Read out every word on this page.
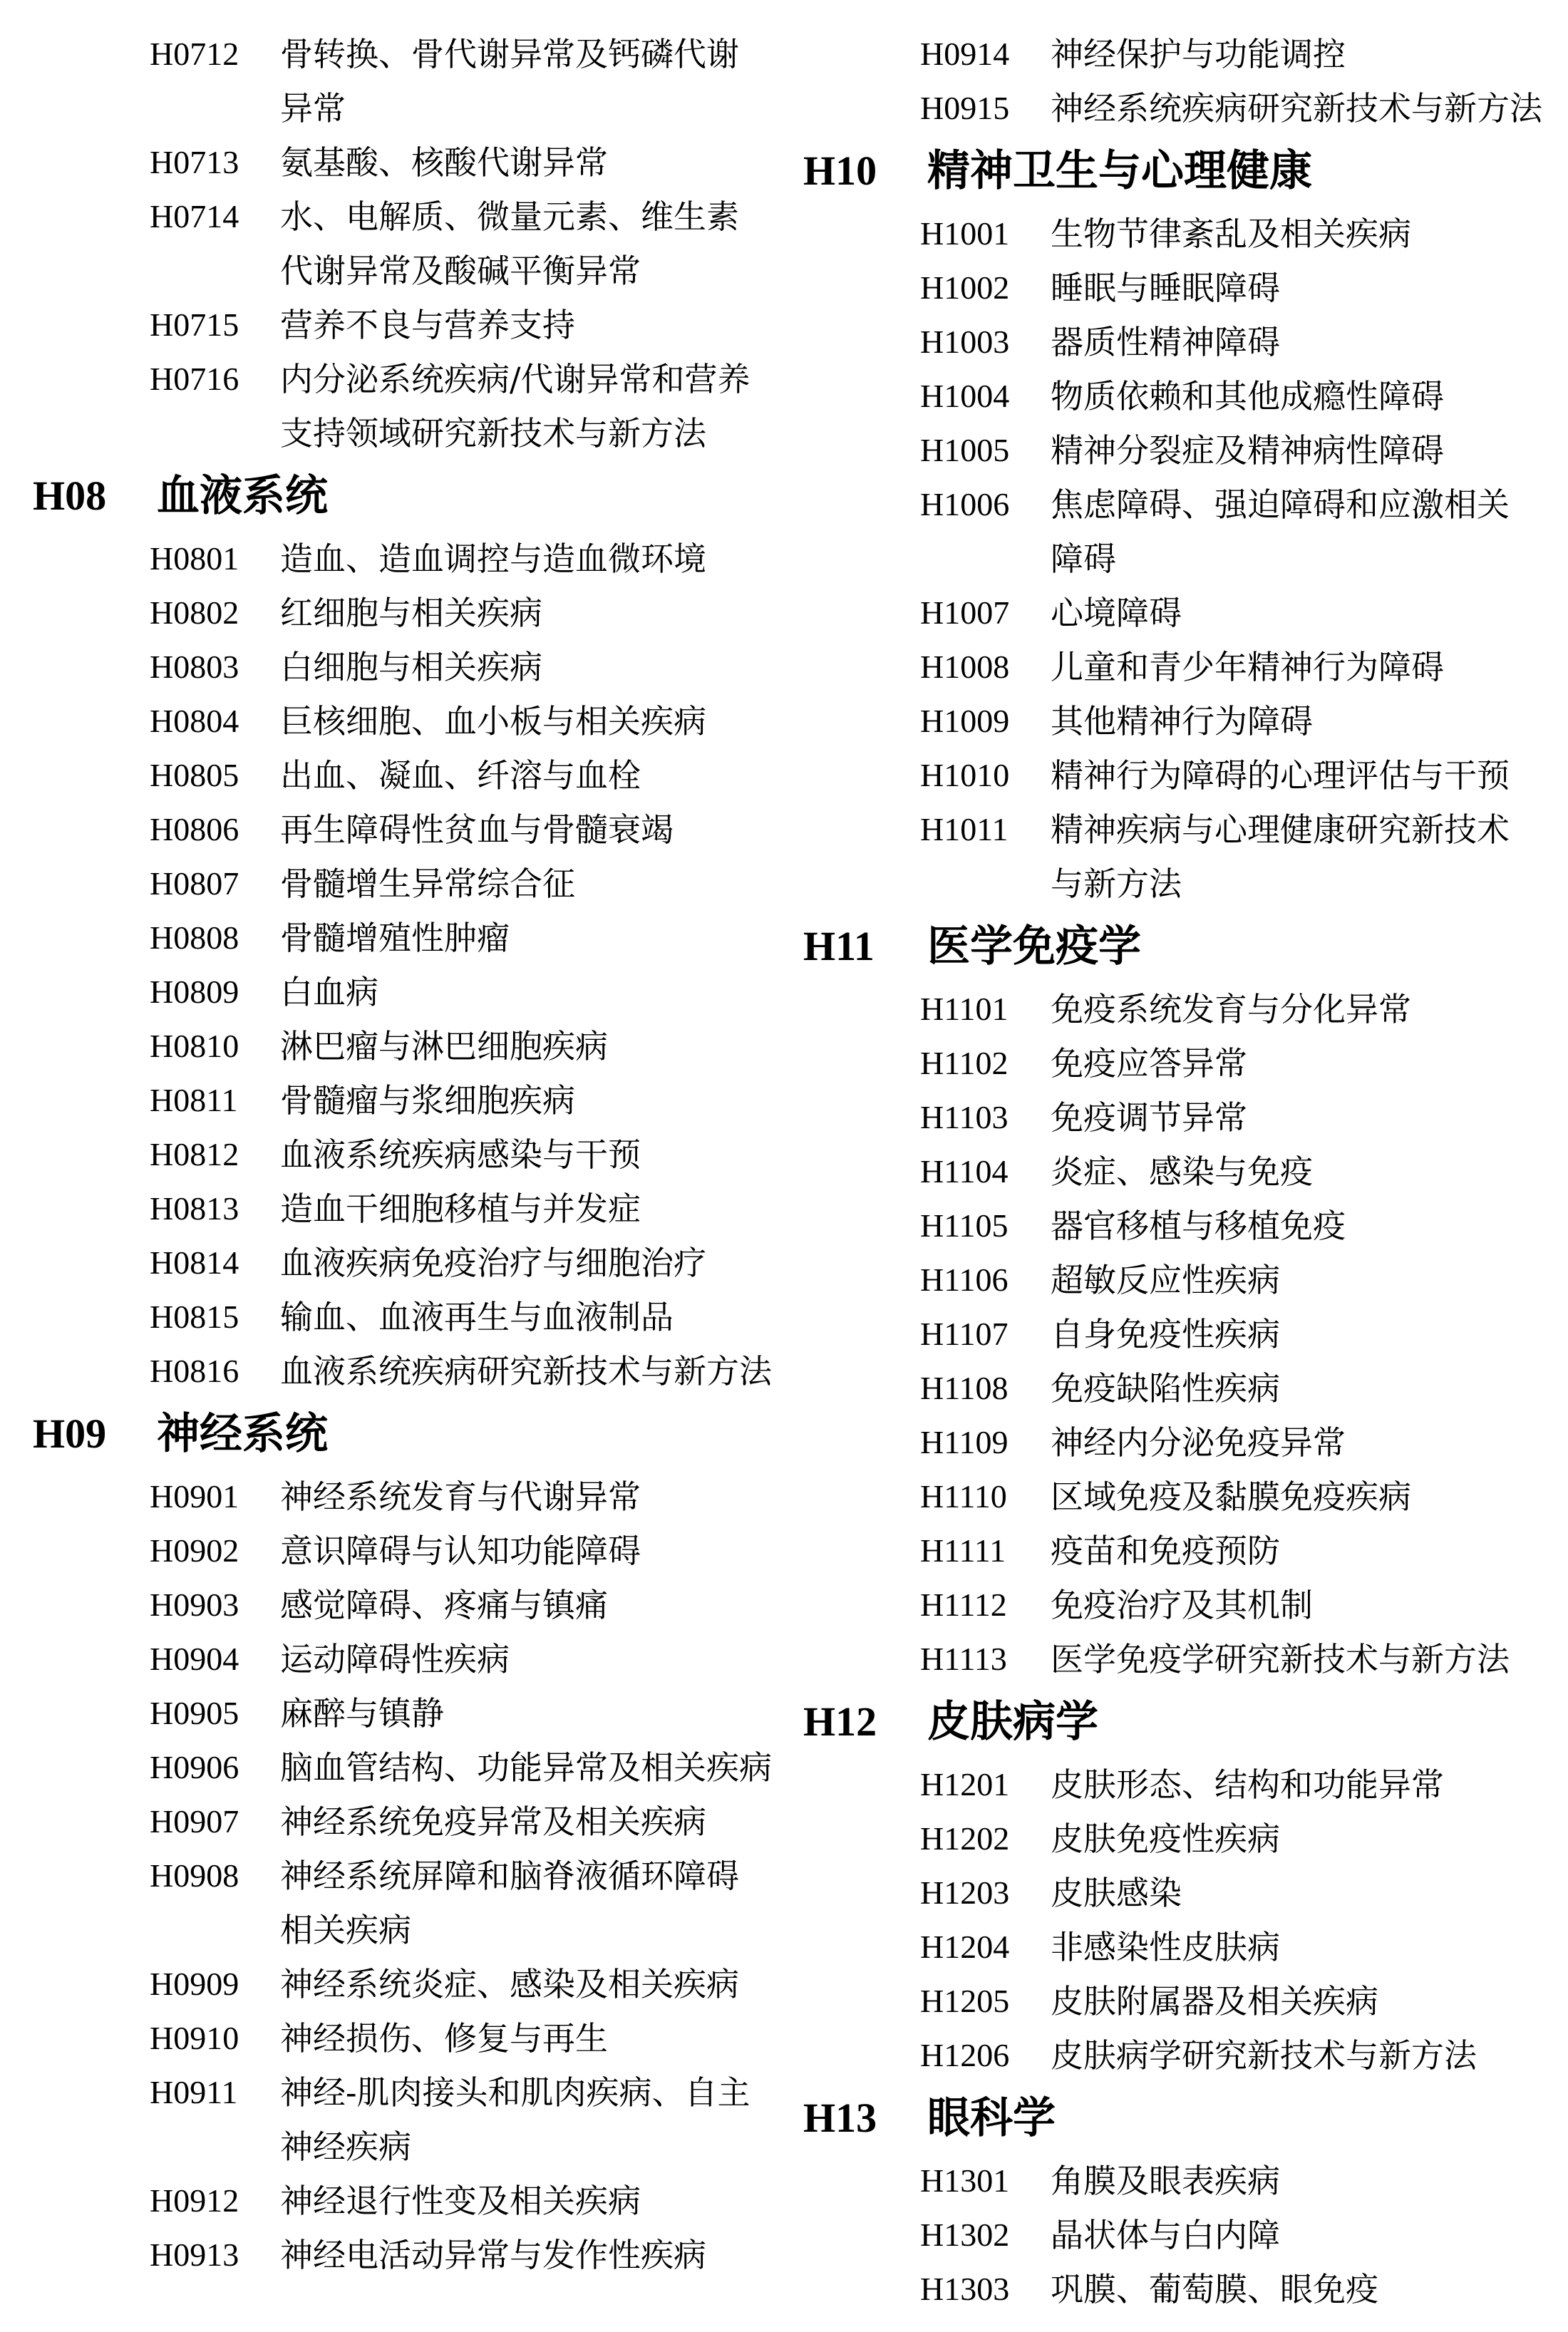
H0712 骨转换、骨代谢异常及钙磷代谢
异常
H0713 氨基酸、核酸代谢异常
H0714 水、电解质、微量元素、维生素
代谢异常及酸碱平衡异常
H0715 营养不良与营养支持
H0716 内分泌系统疾病/代谢异常和营养
支持领域研究新技术与新方法
H08 血液系统
H0801 造血、造血调控与造血微环境
H0802 红细胞与相关疾病
H0803 白细胞与相关疾病
H0804 巨核细胞、血小板与相关疾病
H0805 出血、凝血、纤溶与血栓
H0806 再生障碍性贫血与骨髓衰竭
H0807 骨髓增生异常综合征
H0808 骨髓增殖性肿瘤
H0809 白血病
H0810 淋巴瘤与淋巴细胞疾病
H0811 骨髓瘤与浆细胞疾病
H0812 血液系统疾病感染与干预
H0813 造血干细胞移植与并发症
H0814 血液疾病免疫治疗与细胞治疗
H0815 输血、血液再生与血液制品
H0816 血液系统疾病研究新技术与新方法
H09 神经系统
H0901 神经系统发育与代谢异常
H0902 意识障碍与认知功能障碍
H0903 感觉障碍、疼痛与镇痛
H0904 运动障碍性疾病
H0905 麻醉与镇静
H0906 脑血管结构、功能异常及相关疾病
H0907 神经系统免疫异常及相关疾病
H0908 神经系统屏障和脑脊液循环障碍
相关疾病
H0909 神经系统炎症、感染及相关疾病
H0910 神经损伤、修复与再生
H0911 神经-肌肉接头和肌肉疾病、自主
神经疾病
H0912 神经退行性变及相关疾病
H0913 神经电活动异常与发作性疾病
H0914 神经保护与功能调控
H0915 神经系统疾病研究新技术与新方法
H10 精神卫生与心理健康
H1001 生物节律紊乱及相关疾病
H1002 睡眠与睡眠障碍
H1003 器质性精神障碍
H1004 物质依赖和其他成瘾性障碍
H1005 精神分裂症及精神病性障碍
H1006 焦虑障碍、强迫障碍和应激相关
障碍
H1007 心境障碍
H1008 儿童和青少年精神行为障碍
H1009 其他精神行为障碍
H1010 精神行为障碍的心理评估与干预
H1011 精神疾病与心理健康研究新技术
与新方法
H11 医学免疫学
H1101 免疫系统发育与分化异常
H1102 免疫应答异常
H1103 免疫调节异常
H1104 炎症、感染与免疫
H1105 器官移植与移植免疫
H1106 超敏反应性疾病
H1107 自身免疫性疾病
H1108 免疫缺陷性疾病
H1109 神经内分泌免疫异常
H1110 区域免疫及黏膜免疫疾病
H1111 疫苗和免疫预防
H1112 免疫治疗及其机制
H1113 医学免疫学研究新技术与新方法
H12 皮肤病学
H1201 皮肤形态、结构和功能异常
H1202 皮肤免疫性疾病
H1203 皮肤感染
H1204 非感染性皮肤病
H1205 皮肤附属器及相关疾病
H1206 皮肤病学研究新技术与新方法
H13 眼科学
H1301 角膜及眼表疾病
H1302 晶状体与白内障
H1303 巩膜、葡萄膜、眼免疫
